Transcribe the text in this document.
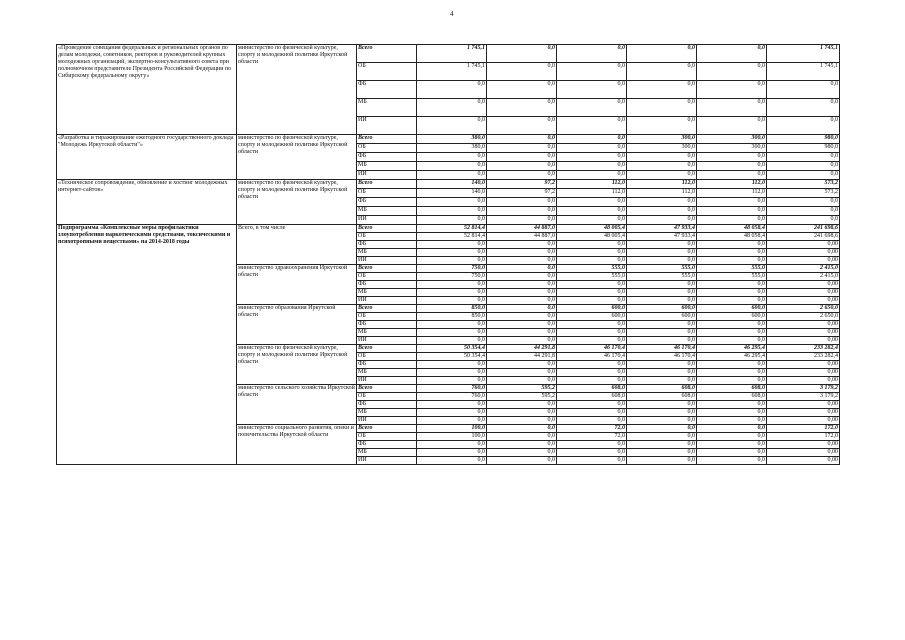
4
«Проведение совещания федеральных и региональных органов по делам молодежи, советников, ректоров и руководителей крупных молодежных организаций, экспертно-консультативного совета при полномочном представителе Президента Российской Федерации по Сибирскому федеральному округу»	министерство по физической культуре, спорту и молодежной политике Иркутской области	Всего	1 745,1	0,0	0,0	0,0	0,0	1 745,1
		ОБ	1 745,1	0,0	0,0	0,0	0,0	1 745,1
		ФБ	0,0	0,0	0,0	0,0	0,0	0,0
		МБ	0,0	0,0	0,0	0,0	0,0	0,0
		ИИ	0,0	0,0	0,0	0,0	0,0	0,0
«Разработка и тиражирование ежегодного государственного доклада "Молодежь Иркутской области"»	министерство по физической культуре, спорту и молодежной политике Иркутской области	Всего	380,0	0,0	0,0	300,0	300,0	980,0
		ОБ	380,0	0,0	0,0	300,0	300,0	980,0
		ФБ	0,0	0,0	0,0	0,0	0,0	0,0
		МБ	0,0	0,0	0,0	0,0	0,0	0,0
		ИИ	0,0	0,0	0,0	0,0	0,0	0,0
«Техническое сопровождение, обновление и хостинг молодежных интернет-сайтов»	министерство по физической культуре, спорту и молодежной политике Иркутской области	Всего	140,0	97,2	112,0	112,0	112,0	573,2
		ОБ	140,0	97,2	112,0	112,0	112,0	573,2
		ФБ	0,0	0,0	0,0	0,0	0,0	0,0
		МБ	0,0	0,0	0,0	0,0	0,0	0,0
		ИИ	0,0	0,0	0,0	0,0	0,0	0,0
Подпрограмма «Комплексные меры профилактики злоупотребления наркотическими средствами, токсическими и психотропными веществами» на 2014-2018 годы	Всего, в том числе	Всего	52 814,4	44 887,0	48 005,4	47 933,4	48 058,4	241 698,6
		ОБ	52 814,4	44 887,0	48 005,4	47 933,4	48 058,4	241 698,6
		ФБ	0,0	0,0	0,0	0,0	0,0	0,00
		МБ	0,0	0,0	0,0	0,0	0,0	0,00
		ИИ	0,0	0,0	0,0	0,0	0,0	0,00
	министерство здравоохранения Иркутской области	Всего	750,0	0,0	555,0	555,0	555,0	2 415,0
		ОБ	750,0	0,0	555,0	555,0	555,0	2 415,0
		ФБ	0,0	0,0	0,0	0,0	0,0	0,00
		МБ	0,0	0,0	0,0	0,0	0,0	0,00
		ИИ	0,0	0,0	0,0	0,0	0,0	0,00
	министерство образования Иркутской области	Всего	850,0	0,0	600,0	600,0	600,0	2 650,0
		ОБ	850,0	0,0	600,0	600,0	600,0	2 650,0
		ФБ	0,0	0,0	0,0	0,0	0,0	0,00
		МБ	0,0	0,0	0,0	0,0	0,0	0,00
		ИИ	0,0	0,0	0,0	0,0	0,0	0,00
	министерство по физической культуре, спорту и молодежной политике Иркутской области	Всего	50 354,4	44 291,8	46 170,4	46 170,4	46 295,4	233 282,4
		ОБ	50 354,4	44 291,8	46 170,4	46 170,4	46 295,4	233 282,4
		ФБ	0,0	0,0	0,0	0,0	0,0	0,00
		МБ	0,0	0,0	0,0	0,0	0,0	0,00
		ИИ	0,0	0,0	0,0	0,0	0,0	0,00
	министерство сельского хозяйства Иркутской области	Всего	760,0	595,2	608,0	608,0	608,0	3 179,2
		ОБ	760,0	595,2	608,0	608,0	608,0	3 179,2
		ФБ	0,0	0,0	0,0	0,0	0,0	0,00
		МБ	0,0	0,0	0,0	0,0	0,0	0,00
		ИИ	0,0	0,0	0,0	0,0	0,0	0,00
	министерство социального развития, опеки и попечительства Иркутской области	Всего	100,0	0,0	72,0	0,0	0,0	172,0
		ОБ	100,0	0,0	72,0	0,0	0,0	172,0
		ФБ	0,0	0,0	0,0	0,0	0,0	0,00
		МБ	0,0	0,0	0,0	0,0	0,0	0,00
		ИИ	0,0	0,0	0,0	0,0	0,0	0,00
